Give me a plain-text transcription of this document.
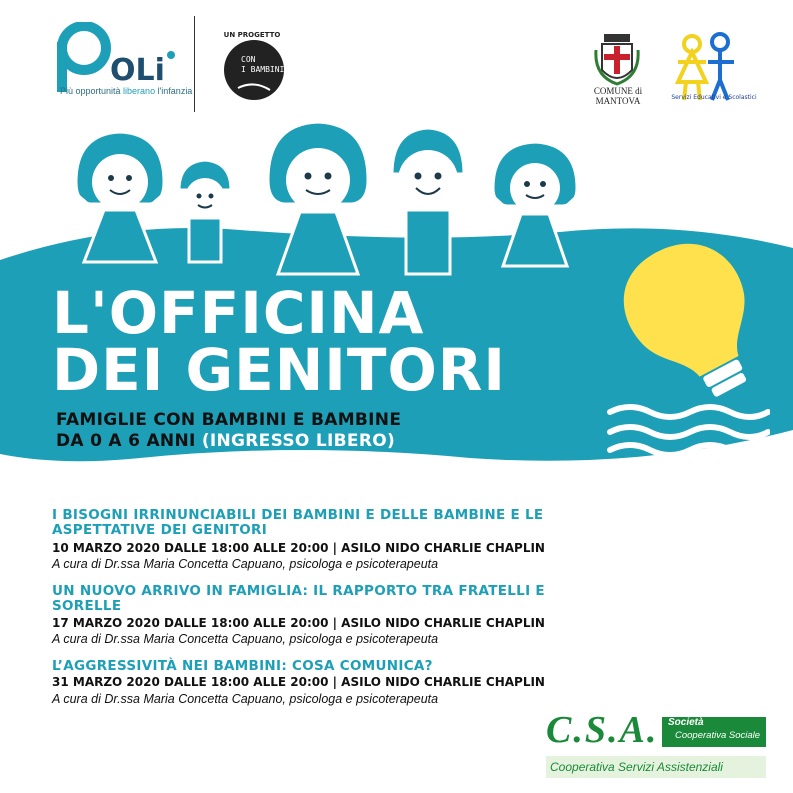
OLi
Più opportunità liberano l'infanzia
UN PROGETTO
CON
I BAMBINI
COMUNE di
MANTOVA	Servizi Educativi e Scolastici
L'OFFICINA
DEI GENITORI
FAMIGLIE CON BAMBINI E BAMBINE
DA 0 A 6 ANNI (INGRESSO LIBERO)
I BISOGNI IRRINUNCIABILI DEI BAMBINI E DELLE BAMBINE E LE
ASPETTATIVE DEI GENITORI
10 MARZO 2020 DALLE 18:00 ALLE 20:00 | ASILO NIDO CHARLIE CHAPLIN
A cura di Dr.ssa Maria Concetta Capuano, psicologa e psicoterapeuta
UN NUOVO ARRIVO IN FAMIGLIA: IL RAPPORTO TRA FRATELLI E
SORELLE
17 MARZO 2020 DALLE 18:00 ALLE 20:00 | ASILO NIDO CHARLIE CHAPLIN
A cura di Dr.ssa Maria Concetta Capuano, psicologa e psicoterapeuta
L’AGGRESSIVITÀ NEI BAMBINI: COSA COMUNICA?
31 MARZO 2020 DALLE 18:00 ALLE 20:00 | ASILO NIDO CHARLIE CHAPLIN
A cura di Dr.ssa Maria Concetta Capuano, psicologa e psicoterapeuta
C.S.A. Società
Cooperativa Sociale
Cooperativa Servizi Assistenziali
